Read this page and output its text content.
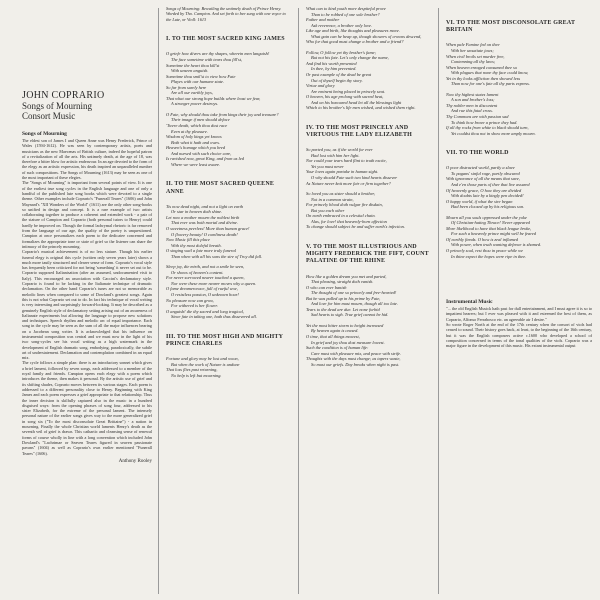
JOHN COPRARIO
Songs of Mourning
Consort Music
Songs of Mourning

The eldest son of James I and Queen Anne was Henry Frederick, Prince of Wales (1594-1612). He was seen by contemporary artists, poets and musicians as the new Maecenas of British culture, indeed the hopeful patron of a revitalization of all the arts. His untimely death, at the age of 18, was therefore a bitter blow for artistic endeavour. In an age devoted to the form of the elegy as an artistic expression, his death inspired an unparalleled number of such compositions. The Songs of Mourning (1613) may be seen as one of the most important of these elegies.

The "Songs of Mourning" is important from several points of view. It is one of the earliest true song cycles in the English language and one of only a handful of the published lute song books which were devoted to a single theme. Other examples include Coprario's "Funerall Teares" (1606) and John Maynard's "XII Wonders of the World" (1611) are the only other song-books so unified in design and concept. It is a rare example of two artists collaborating together to produce a coherent and extended work - a pair of the stature of Campion and Coprario (both personal tutors to Henry) could hardly be improved on. Though the formal lachrymal rhetoric is far removed from the language of our age, the quality of the poetry is unquestioned. Campion at once personalizes each poem to the dedicatee concerned and formalizes the appropriate tone or state of grief so the listener can share the intimacy of the princely mourning.

Coprario's musical achievement is of no less stature. Though his earlier funeral elegy is original this cycle (written only seven years later) shows a much more tautly structured and clearer sense of form. Coprario's vocal style has frequently been criticized for not being 'something' it never set out to be. Coprario supposed Italianisation (after an assumed, undocumented visit to Italy). This encouraged an association with Caccini's declamatory style. Coprario is found to be lacking in the Italianate technique of dramatic declamation. On the other hand Coprario's tunes are not so memorable as melodic lines when compared to some of Dowland's greatest songs. Again this is not what Coprario set out to do. In fact his technique of vocal writing is very interesting and surprisingly forward-looking. It may be described as a genuinely English style of declamatory setting arising out of an awareness of Italianate experiments but allowing the language to propose new solutions and techniques. Speech rhythm and melodic arc of equal importance. Each song in the cycle may be seen as the sum of all the major influences bearing on a Jacobean song writer. It is acknowledged that his influence on instrumental composition was central and we must now in the light of his two song-cycles see his vocal writing as a high watermark in the development of English dramatic song, embodying, paradoxically, the subtle art of understatement. Declamation and contemplation combined in an equal mix.

The cycle follows a simple plan: there is an introductory sonnet which gives a brief lament, followed by seven songs, each addressed to a member of the royal family and friends. Campion opens each elegy with a poem which introduces the theme, then makes it personal. By the artistic use of grief and its shifting shades, Coprario moves between its various stages. Each poem is addressed to a different personality close to Henry. Beginning with King James and each poem expresses a grief appropriate to that relationship. Thus the inner decision is skilfully captured also in the music in a hundred disguised ways: from the opening phrases of song four, addressed to his sister Elizabeth, for the extreme of the personal lament. The intensely personal nature of the earlier songs gives way to the more generalized grief in song six ("To the most disconsolate Great Brittaine") - a nation in mourning. Finally the whole Christian world laments Henry's death as the seventh veil of grief is drawn. This cathartic and cleansing sense of renewal forms of course wholly in line with a long convention which included John Dowland's "Lachrimae or Seaven Teares figured in seaven passionate pavans" (1604) as well as Coprario's own earlier mentioned "Funerall Teares" (1606).

Anthony Rooley

Songs of Mourning: Bewailing the untimely death of Prince Henry. Worded by Tho. Campion. And set forth to bee sung with one voyce to the Lute, or Violl: 1613

I. TO THE MOST SACRED KING JAMES
O griefe how divers are thy shapes, wherein men languish!
The face sometime with tears thou fill'st,
Sometime the heart thou kill'st
With unseen anguish.
Sometime thou smil'st to view how Fate
Playes with our humane state.
So far from surely here
Are all our earthly joys,
That what our strong hope builds where least we fear,
A stronger power destroys.
O Fate, why should thou take from kings their joy and treasure?
Their image if men should deface
'Twere death, which thou dost race
Even at thy pleasure.
Wisdom of holy kings yet knows
Both what it hath and owes.
Heaven's homage which you bred
And nursed with such choice care,
Is ravished now, great King, and from us led
Where we were least aware.
II. TO THE MOST SACRED QUEENE ANNE
Tis now dead night, and not a light on earth
Or star in heaven doth shine.
Let now a mother mourn the noblest birth
That ever was both mortal and divine.
O sweetness peerless! More than human grace!
O flowery beauty! O comliness death!
Now Music fill this place
With thy most doleful breath.
O singing wail a fate more truly funeral
Than when with all his sons the sire of Troy did fall.
Sleep joy, die mirth, and not a smile be seen,
Or shows of heaven's content.
For never sorrowed nearer touched a queen,
Nor were these more nearer moves why a queen.
O fame dreamerceace, full of rueful woe,
O resistless passion, O unknown hour!
No pleasure now can grow,
For withered is her flower.
O anguish! die thy sacred and long tragical,
Since fate in taking one, hath thus dissevered all.
III. TO THE MOST HIGH AND MIGHTY PRINCE CHARLES
Fortune and glory may be lost and woon,
But when the work of Nature is undone
That loss flies past returning,
No help is left but mourning.
What can to kind youth more despiteful prove
Than to be robbed of one sole brother?
Father and mother
Ask reverence, a brother only love.
Like age and birth, like thoughts and pleasures move.
What gain can he heap up, though showers of crowns descend,
Who for that good must change a brother and a friend?
Follow, O follow yet thy brother's fame;
But not his fate. Let's only change the name,
And find his worth presented
In thee, by him prevented.
Or past example of the dead be great
Out of thyself begin thy story.
Virtue and glory
Are eminent being placed in princely seat.
O heaven, his age prolong with sacred heat,
And on his honoured head let all the blessings light
Which to his brother's life men wished, and wished them right.
IV. TO THE MOST PRINCELY AND VIRTUOUS THE LADY ELIZABETH
So parted you, as if the world for ever
Had lost with him her light.
Nor could your tears hard flint to truth excite,
Yet you must never
Your loves again partake in human sight.
O why should Fate such two kind hearts dissever
As Nature never knit more fair or firm together?
So loved you as sister should a brother,
Not in a common strain,
For princely blood doth vulgar fire disdain,
But you each other
On earth embraced in a celestial chain.
Alas, for love! that heavenly-born affection
To change should subject be and suffer earth's infection.
V. TO THE MOST ILLUSTRIOUS AND MIGHTY FREDERICK THE FIFT, COUNT PALATINE OF THE RHINE
How like a golden dream you met and parted,
That pleasing, straight doth vanish.
O who can ever banish
The thought of one so princely and free-hearted!
But he was pulled up in his prime by Fate,
And love for him must mourn, though all too late.
Tears to the dead are due. Let none forbid
Sad hearts to sigh. True grief cannot be hid.
Yet the most bitter storm to height increased
By heaven again is ceased.
O time, that all things mowest,
In grief and joy thou dost measure lowest.
Such the condition is of human life:
Care must with pleasure mix, and peace with strife.
Thoughts with the days must change; as tapers waste,
So must our griefs. Day breaks when night is past.
VI. TO THE MOST DISCONSOLATE GREAT BRITAIN
When pale Famine fed on thee
With her unsatiate jaws;
When civil broils set murder free,
Contemning all thy laws;
When heaven enraged consumed thee so
With plagues that none thy face could know,
Yet in thy looks affliction then showed less
Than now for one's fate all thy parts express.
Now thy highest states lament
A son and brother's loss;
Thy nobler men in discontent
And rue this fatal cross.
Thy Commons are with passion sad
To think how brave a prince they had.
If all thy rocks from white to black should turn,
Yet couldst thou not in show more amply mourn.
VII. TO THE WORLD
O poor distracted world, partly a slave
To pagans' sinful rage, partly obscured
With ignorance of all the means that save,
And e'en those parts of thee that live assured
Of heavenly grace, O how they are divided
With doubts late by a kingly pen decided!
O happy world, if what the sire began
Had been cloosed up by his religious son.
Mourn all you souls oppressed under the yoke
Of Christian-hating Thrace! Never appeared
More likelihood to have that black league broke,
For such a heavenly prince might well be feared
Of earthly fiends. O how is zeal inflamed
With power, when truth wanting defence is shamed.
O princely soul, rest thou in peace while we
In thine expect the hopes were ripe in thee.
Instrumental Music

"... the old English Musick hath past for dull entertainment, and I must agree it is so to impatient hearers; but I ever was pleased with it and esteemed the best of them, as Coprario, Alfonso Ferrabosco etc. an agreeable air I desire."

So wrote Roger North at the end of the 17th century when the consort of viols had ceased to sound. Their history goes back, at least, to the beginning of the 16th century, but it was the English composers active c.1600 who developed a school of composition concerned in terms of the tonal qualities of the viols. Coprario was a major figure in the development of this music. His extant instrumental output
